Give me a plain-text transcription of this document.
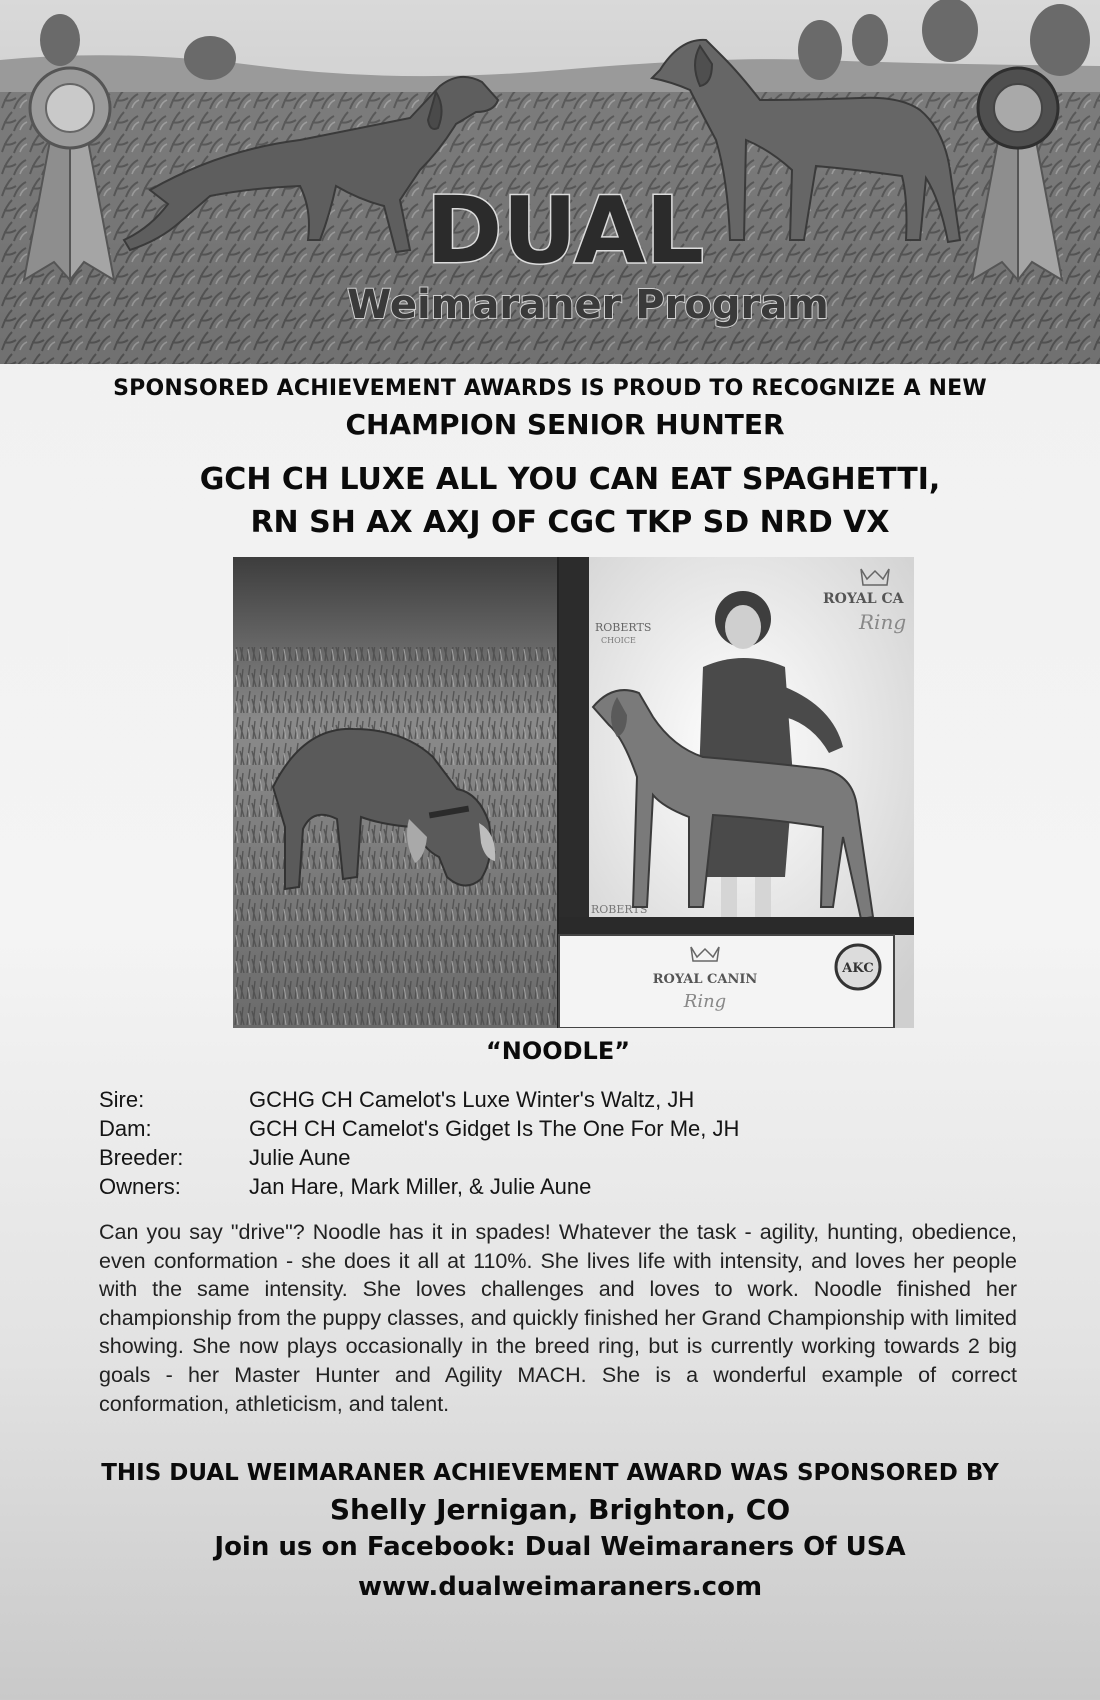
DUAL
Weimaraner Program
SPONSORED ACHIEVEMENT AWARDS IS PROUD TO RECOGNIZE A NEW
CHAMPION SENIOR HUNTER
GCH CH LUXE ALL YOU CAN EAT SPAGHETTI,
RN SH AX AXJ OF CGC TKP SD NRD VX
ROBERTS
CHOICE
ROBERTS
ROYAL CA
Ring
ROYAL CANIN
Ring
AKC
“NOODLE”
Sire:	GCHG CH Camelot's Luxe Winter's Waltz, JH
Dam:	GCH CH Camelot's Gidget Is The One For Me, JH
Breeder:	Julie Aune
Owners:	Jan Hare, Mark Miller, & Julie Aune

Can you say "drive"? Noodle has it in spades! Whatever the task - agility, hunting, obedience, even conformation - she does it all at 110%. She lives life with intensity, and loves her people with the same intensity. She loves challenges and loves to work. Noodle finished her championship from the puppy classes, and quickly finished her Grand Championship with limited showing. She now plays occasionally in the breed ring, but is currently working towards 2 big goals - her Master Hunter and Agility MACH. She is a wonderful example of correct conformation, athleticism, and talent.

THIS DUAL WEIMARANER ACHIEVEMENT AWARD WAS SPONSORED BY
Shelly Jernigan, Brighton, CO
Join us on Facebook: Dual Weimaraners Of USA
www.dualweimaraners.com
